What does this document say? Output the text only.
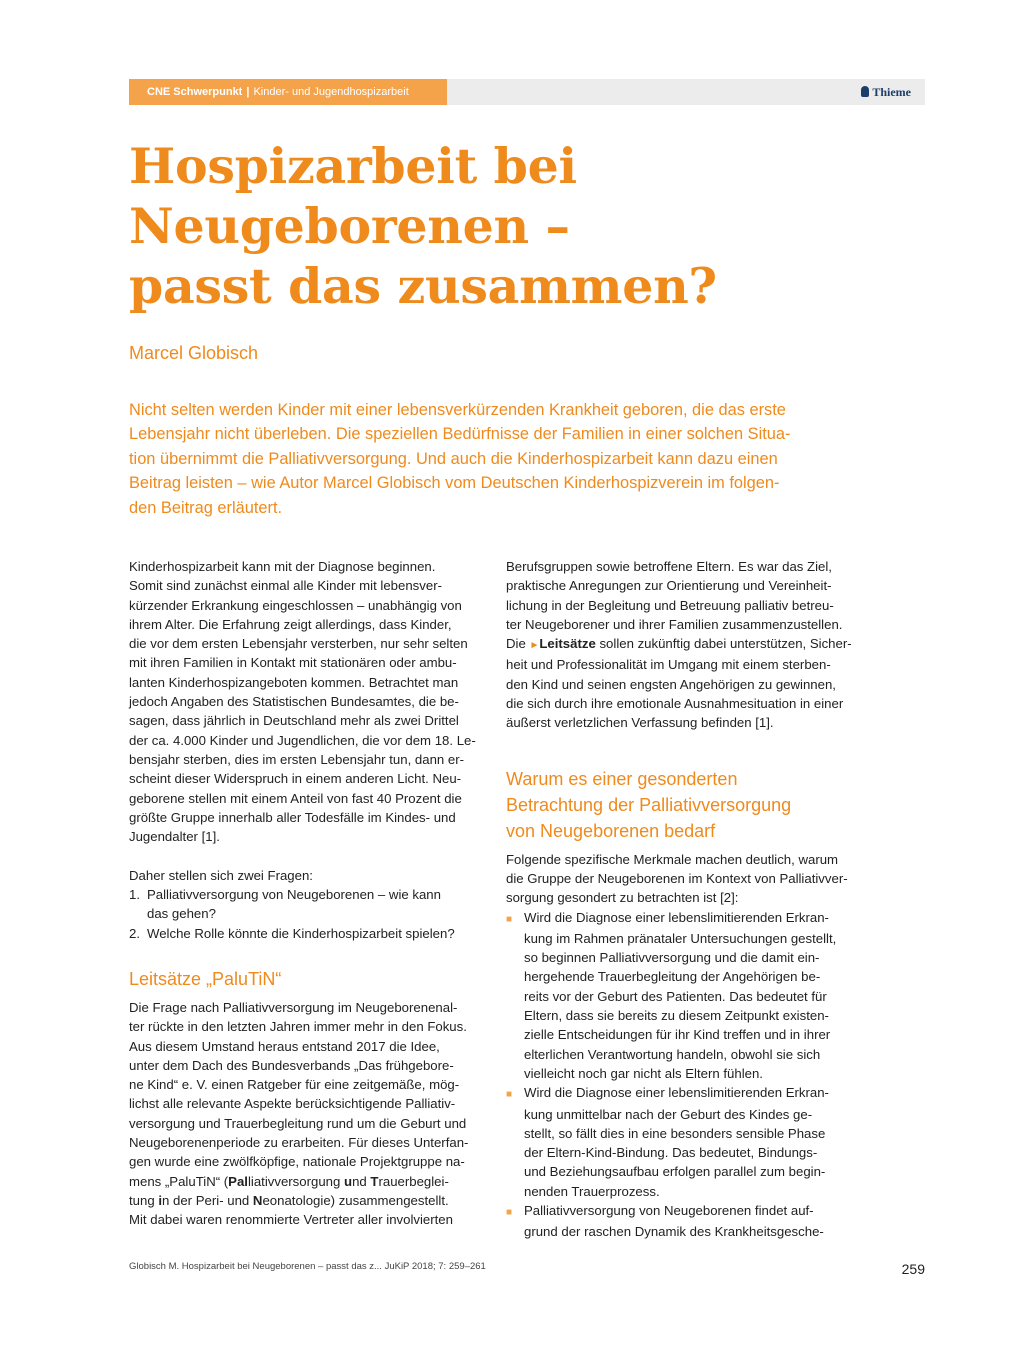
CNE Schwerpunkt | Kinder- und Jugendhospizarbeit	Thieme
Hospizarbeit bei
Neugeborenen –
passt das zusammen?
Marcel Globisch
Nicht selten werden Kinder mit einer lebensverkürzenden Krankheit geboren, die das erste
Lebensjahr nicht überleben. Die speziellen Bedürfnisse der Familien in einer solchen Situa-
tion übernimmt die Palliativversorgung. Und auch die Kinderhospizarbeit kann dazu einen
Beitrag leisten – wie Autor Marcel Globisch vom Deutschen Kinderhospizverein im folgen-
den Beitrag erläutert.
Kinderhospizarbeit kann mit der Diagnose beginnen.
Somit sind zunächst einmal alle Kinder mit lebensver-
kürzender Erkrankung eingeschlossen – unabhängig von
ihrem Alter. Die Erfahrung zeigt allerdings, dass Kinder,
die vor dem ersten Lebensjahr versterben, nur sehr selten
mit ihren Familien in Kontakt mit stationären oder ambu-
lanten Kinderhospizangeboten kommen. Betrachtet man
jedoch Angaben des Statistischen Bundesamtes, die be-
sagen, dass jährlich in Deutschland mehr als zwei Drittel
der ca. 4.000 Kinder und Jugendlichen, die vor dem 18. Le-
bensjahr sterben, dies im ersten Lebensjahr tun, dann er-
scheint dieser Widerspruch in einem anderen Licht. Neu-
geborene stellen mit einem Anteil von fast 40 Prozent die
größte Gruppe innerhalb aller Todesfälle im Kindes- und
Jugendalter [1].
Daher stellen sich zwei Fragen:
1. Palliativversorgung von Neugeborenen – wie kann
das gehen?
2. Welche Rolle könnte die Kinderhospizarbeit spielen?
Leitsätze „PaluTiN“
Die Frage nach Palliativversorgung im Neugeborenenal-
ter rückte in den letzten Jahren immer mehr in den Fokus.
Aus diesem Umstand heraus entstand 2017 die Idee,
unter dem Dach des Bundesverbands „Das frühgebore-
ne Kind“ e. V. einen Ratgeber für eine zeitgemäße, mög-
lichst alle relevante Aspekte berücksichtigende Palliativ-
versorgung und Trauerbegleitung rund um die Geburt und
Neugeborenenperiode zu erarbeiten. Für dieses Unterfan-
gen wurde eine zwölfköpfige, nationale Projektgruppe na-
mens „PaluTiN“ (Palliativversorgung und Trauerbeglei-
tung in der Peri- und Neonatologie) zusammengestellt.
Mit dabei waren renommierte Vertreter aller involvierten
Berufsgruppen sowie betroffene Eltern. Es war das Ziel,
praktische Anregungen zur Orientierung und Vereinheit-
lichung in der Begleitung und Betreuung palliativ betreu-
ter Neugeborener und ihrer Familien zusammenzustellen.
Die ►Leitsätze sollen zukünftig dabei unterstützen, Sicher-
heit und Professionalität im Umgang mit einem sterben-
den Kind und seinen engsten Angehörigen zu gewinnen,
die sich durch ihre emotionale Ausnahmesituation in einer
äußerst verletzlichen Verfassung befinden [1].
Warum es einer gesonderten
Betrachtung der Palliativversorgung
von Neugeborenen bedarf
Folgende spezifische Merkmale machen deutlich, warum
die Gruppe der Neugeborenen im Kontext von Palliativver-
sorgung gesondert zu betrachten ist [2]:
■ Wird die Diagnose einer lebenslimitierenden Erkran-
kung im Rahmen pränataler Untersuchungen gestellt,
so beginnen Palliativversorgung und die damit ein-
hergehende Trauerbegleitung der Angehörigen be-
reits vor der Geburt des Patienten. Das bedeutet für
Eltern, dass sie bereits zu diesem Zeitpunkt existen-
zielle Entscheidungen für ihr Kind treffen und in ihrer
elterlichen Verantwortung handeln, obwohl sie sich
vielleicht noch gar nicht als Eltern fühlen.
■ Wird die Diagnose einer lebenslimitierenden Erkran-
kung unmittelbar nach der Geburt des Kindes ge-
stellt, so fällt dies in eine besonders sensible Phase
der Eltern-Kind-Bindung. Das bedeutet, Bindungs-
und Beziehungsaufbau erfolgen parallel zum begin-
nenden Trauerprozess.
■ Palliativversorgung von Neugeborenen findet auf-
grund der raschen Dynamik des Krankheitsgesche-
Globisch M. Hospizarbeit bei Neugeborenen – passt das z... JuKiP 2018; 7: 259–261	259
